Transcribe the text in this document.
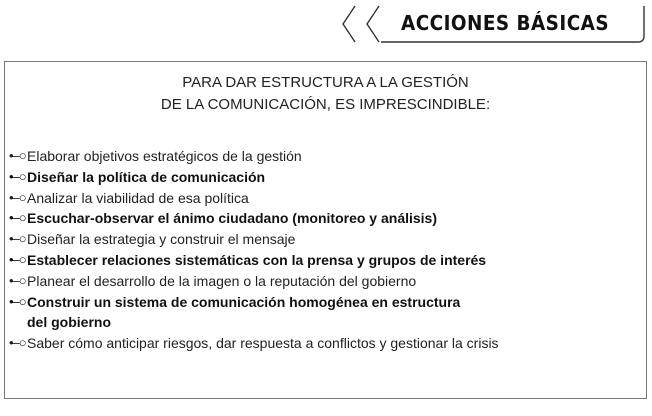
ACCIONES BÁSICAS
PARA DAR ESTRUCTURA A LA GESTIÓN
DE LA COMUNICACIÓN, ES IMPRESCINDIBLE:
•–○ Elaborar objetivos estratégicos de la gestión
•–○ Diseñar la política de comunicación
•–○ Analizar la viabilidad de esa política
•–○ Escuchar-observar el ánimo ciudadano (monitoreo y análisis)
•–○ Diseñar la estrategia y construir el mensaje
•–○ Establecer relaciones sistemáticas con la prensa y grupos de interés
•–○ Planear el desarrollo de la imagen o la reputación del gobierno
•–○ Construir un sistema de comunicación homogénea en estructura
del gobierno
•–○ Saber cómo anticipar riesgos, dar respuesta a conflictos y gestionar la crisis
